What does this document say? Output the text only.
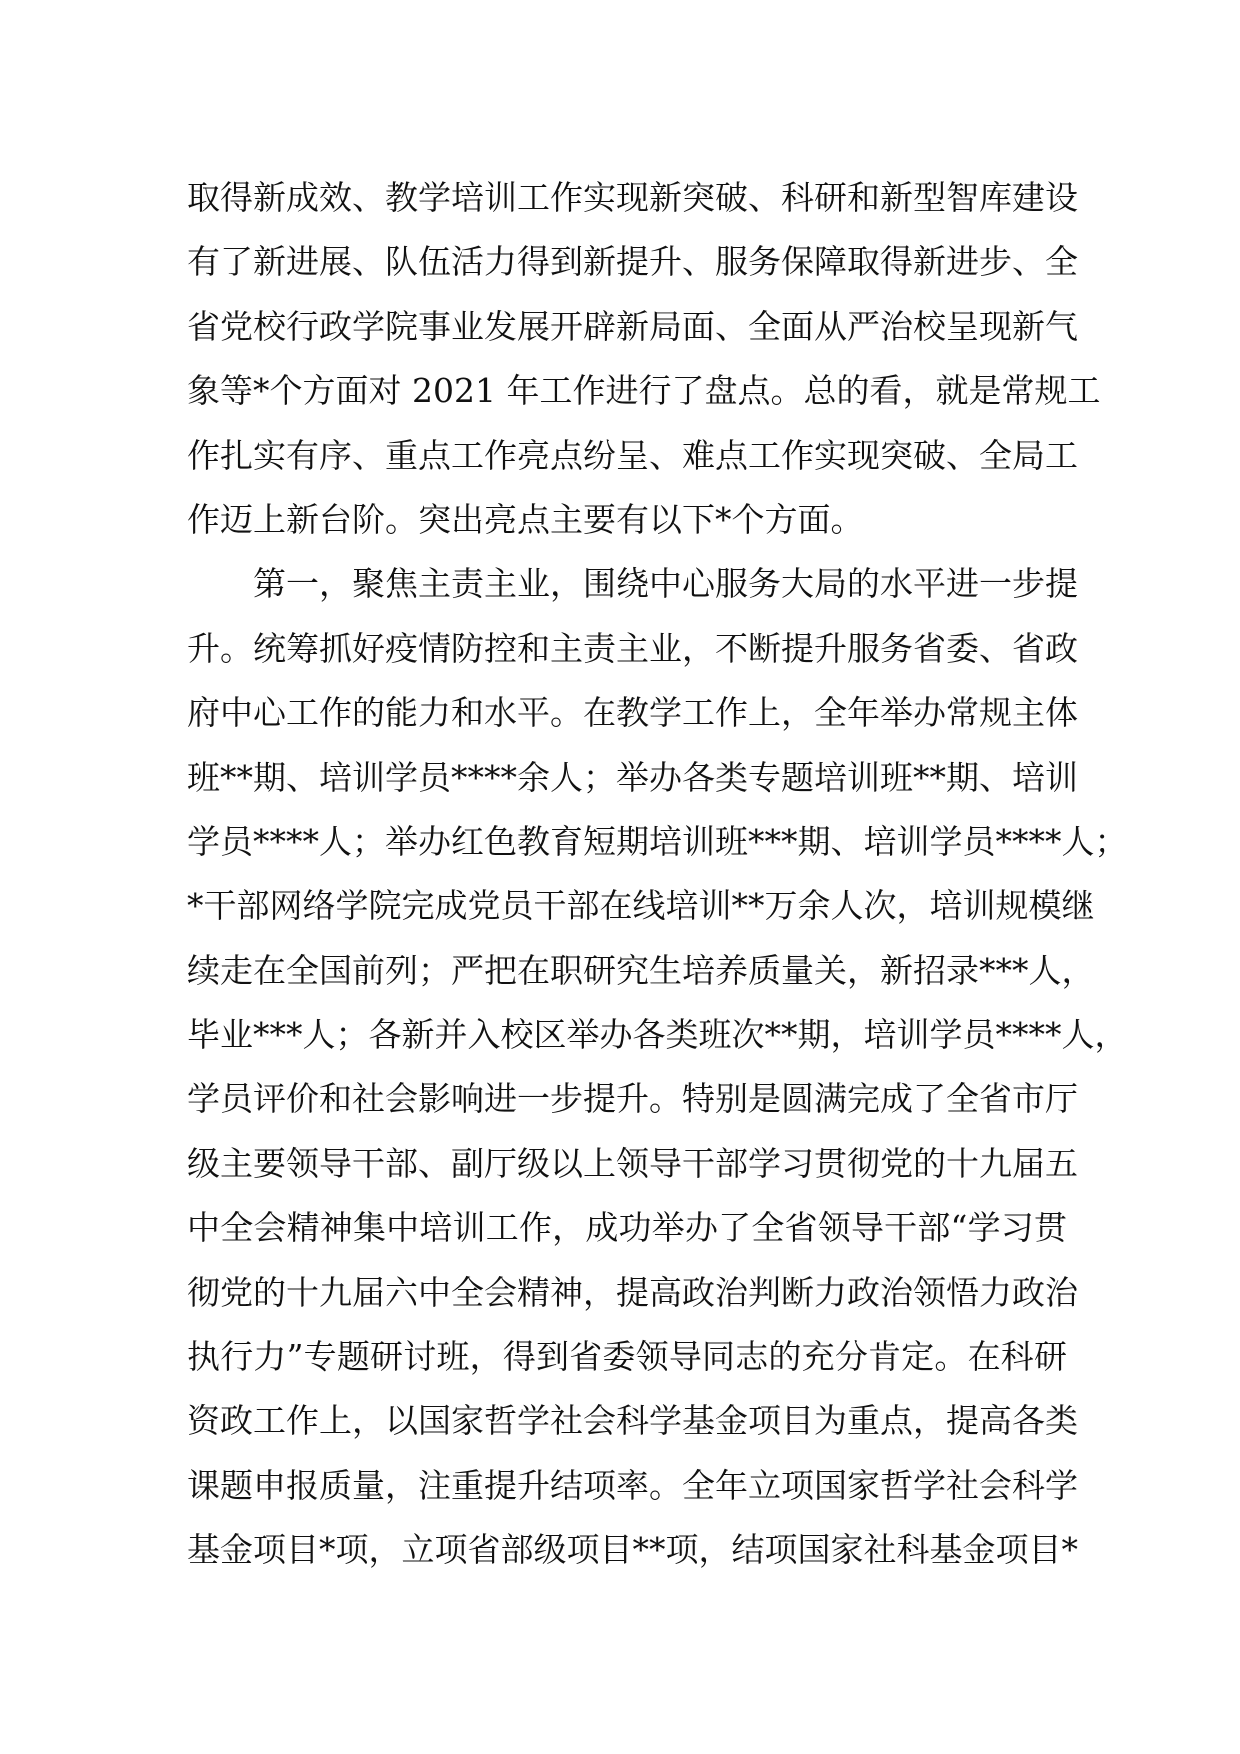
取得新成效、教学培训工作实现新突破、科研和新型智库建设
有了新进展、队伍活力得到新提升、服务保障取得新进步、全
省党校行政学院事业发展开辟新局面、全面从严治校呈现新气
象等*个方面对 2021 年工作进行了盘点。总的看，就是常规工
作扎实有序、重点工作亮点纷呈、难点工作实现突破、全局工
作迈上新台阶。突出亮点主要有以下*个方面。
第一，聚焦主责主业，围绕中心服务大局的水平进一步提
升。统筹抓好疫情防控和主责主业，不断提升服务省委、省政
府中心工作的能力和水平。在教学工作上，全年举办常规主体
班**期、培训学员****余人；举办各类专题培训班**期、培训
学员****人；举办红色教育短期培训班***期、培训学员****人；
*干部网络学院完成党员干部在线培训**万余人次，培训规模继
续走在全国前列；严把在职研究生培养质量关，新招录***人，
毕业***人；各新并入校区举办各类班次**期，培训学员****人，
学员评价和社会影响进一步提升。特别是圆满完成了全省市厅
级主要领导干部、副厅级以上领导干部学习贯彻党的十九届五
中全会精神集中培训工作，成功举办了全省领导干部“学习贯
彻党的十九届六中全会精神，提高政治判断力政治领悟力政治
执行力”专题研讨班，得到省委领导同志的充分肯定。在科研
资政工作上，以国家哲学社会科学基金项目为重点，提高各类
课题申报质量，注重提升结项率。全年立项国家哲学社会科学
基金项目*项，立项省部级项目**项，结项国家社科基金项目*
